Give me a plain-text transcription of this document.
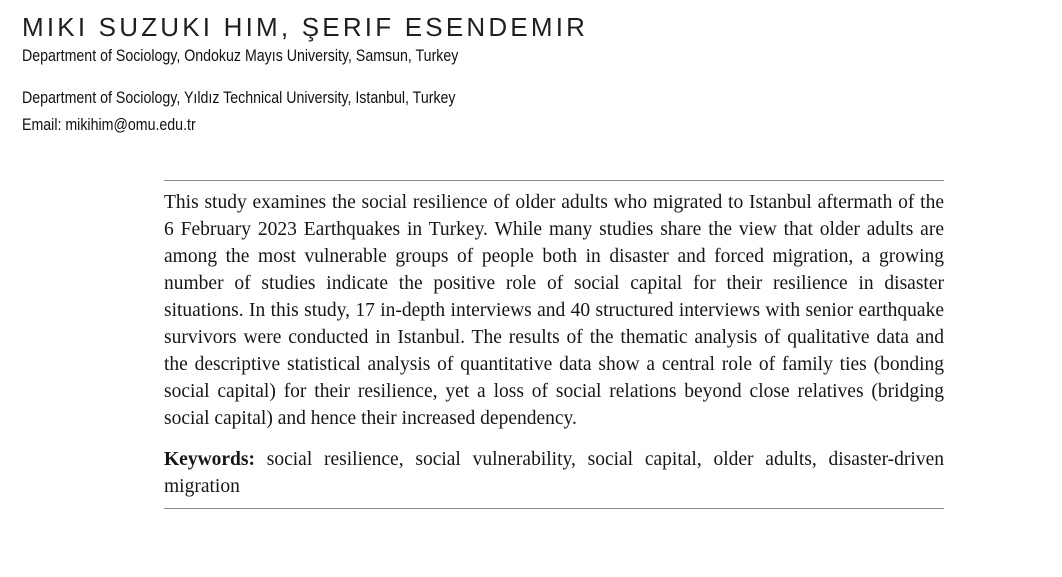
MIKI SUZUKI HIM, ŞERIF ESENDEMIR
Department of Sociology, Ondokuz Mayıs University, Samsun, Turkey
Department of Sociology, Yıldız Technical University, Istanbul, Turkey
Email: mikihim@omu.edu.tr

This study examines the social resilience of older adults who migrated to Istanbul aftermath of the 6 February 2023 Earthquakes in Turkey. While many studies share the view that older adults are among the most vulnerable groups of people both in disaster and forced migration, a growing number of studies indicate the positive role of social capital for their resilience in disaster situations. In this study, 17 in-depth interviews and 40 structured interviews with senior earthquake survivors were conducted in Istanbul. The results of the thematic analysis of qualitative data and the descriptive statistical analysis of quantitative data show a central role of family ties (bonding social capital) for their resilience, yet a loss of social relations beyond close relatives (bridging social capital) and hence their increased dependency.

Keywords: social resilience, social vulnerability, social capital, older adults, disaster-driven migration
